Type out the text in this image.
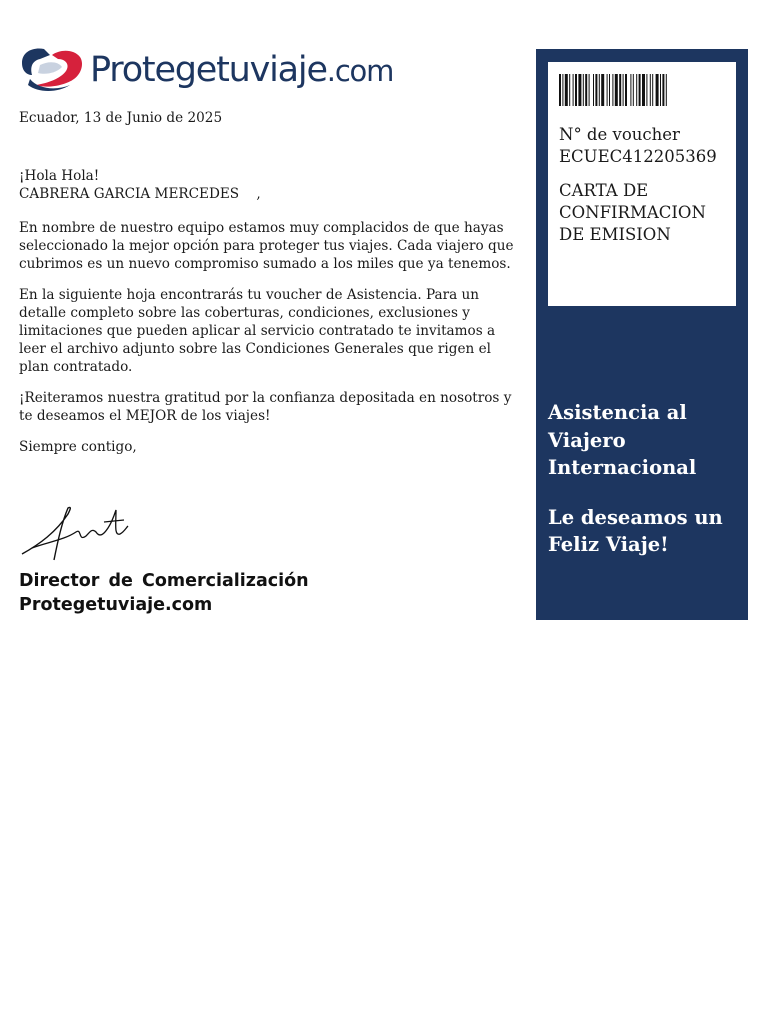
Protegetuviaje.com

Ecuador, 13 de Junio de 2025

¡Hola Hola!
CABRERA GARCIA MERCEDES    ,

En nombre de nuestro equipo estamos muy complacidos de que hayas seleccionado la mejor opción para proteger tus viajes. Cada viajero que cubrimos es un nuevo compromiso sumado a los miles que ya tenemos.

En la siguiente hoja encontrarás tu voucher de Asistencia. Para un detalle completo sobre las coberturas, condiciones, exclusiones y limitaciones que pueden aplicar al servicio contratado te invitamos a leer el archivo adjunto sobre las Condiciones Generales que rigen el plan contratado.

¡Reiteramos nuestra gratitud por la confianza depositada en nosotros y te deseamos el MEJOR de los viajes!

Siempre contigo,

Director de Comercialización
Protegetuviaje.com

N° de voucher
ECUEC412205369

CARTA DE CONFIRMACION DE EMISION

Asistencia al Viajero Internacional

Le deseamos un Feliz Viaje!
